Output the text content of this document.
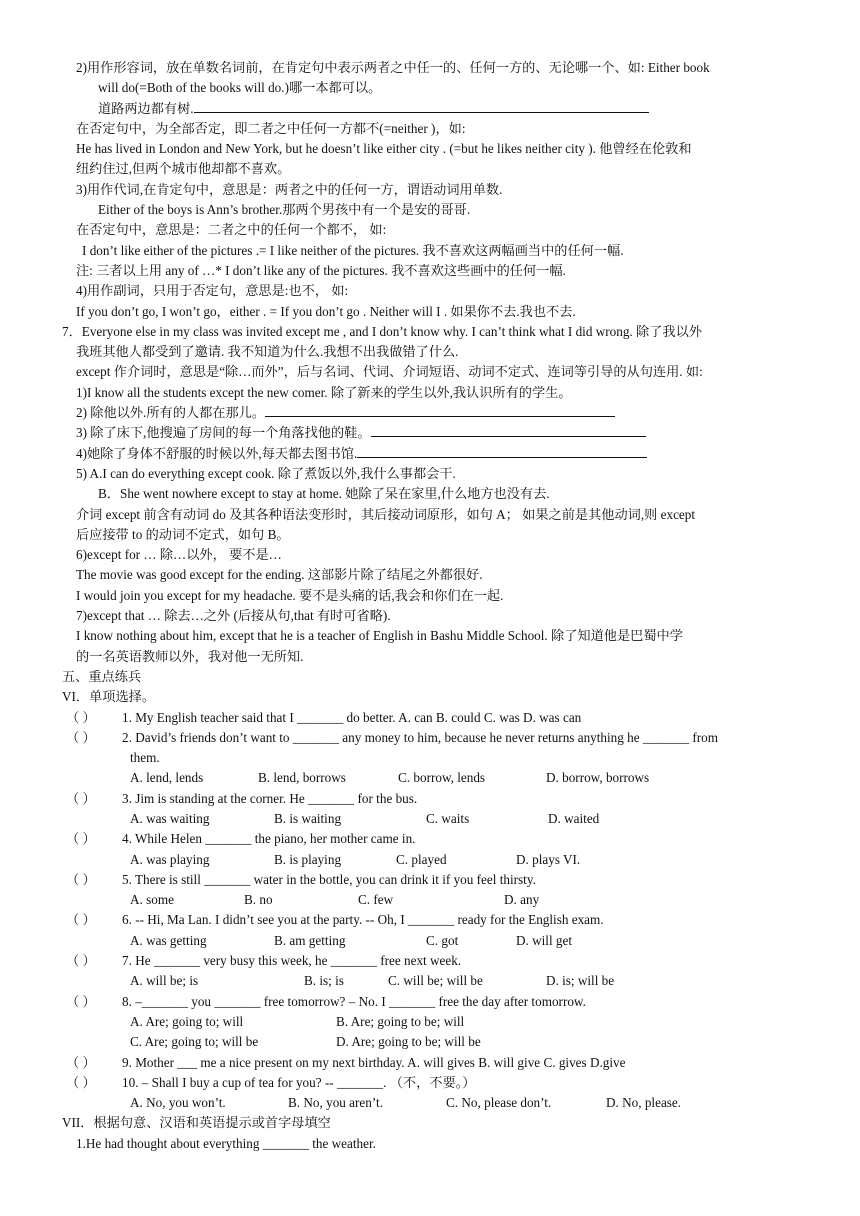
2)用作形容词，放在单数名词前，在肯定句中表示两者之中任一的、任何一方的、无论哪一个、如: Either book
will do(=Both of the books will do.)哪一本都可以。
道路两边都有树.
在否定句中，为全部否定，即二者之中任何一方都不(=neither )，如:
He has lived in London and New York, but he doesn’t like either city . (=but he likes neither city ). 他曾经在伦敦和
纽约住过,但两个城市他却都不喜欢。
3)用作代词,在肯定句中，意思是：两者之中的任何一方，谓语动词用单数.
Either of the boys is Ann’s brother.那两个男孩中有一个是安的哥哥.
在否定句中，意思是：二者之中的任何一个都不， 如:
I don’t like either of the pictures .= I like neither of the pictures. 我不喜欢这两幅画当中的任何一幅.
注: 三者以上用 any of …* I don’t like any of the pictures. 我不喜欢这些画中的任何一幅.
4)用作副词，只用于否定句，意思是:也不， 如:
If you don’t go, I won’t go，either . = If you don’t go . Neither will I . 如果你不去.我也不去.
7．Everyone else in my class was invited except me , and I don’t know why. I can’t think what I did wrong. 除了我以外
我班其他人都受到了邀请. 我不知道为什么.我想不出我做错了什么.
except 作介词时，意思是“除…而外”，后与名词、代词、介词短语、动词不定式、连词等引导的从句连用. 如:
1)I know all the students except the new comer. 除了新来的学生以外,我认识所有的学生。
2) 除他以外.所有的人都在那儿。
3) 除了床下,他搜遍了房间的每一个角落找他的鞋。
4)她除了身体不舒服的时候以外,每天都去图书馆.
5) A.I can do everything except cook. 除了煮饭以外,我什么事都会干.
B．She went nowhere except to stay at home. 她除了呆在家里,什么地方也没有去.
介词 except 前含有动词 do 及其各种语法变形时，其后接动词原形，如句 A； 如果之前是其他动词,则 except
后应接带 to 的动词不定式，如句 B。
6)except for … 除…以外， 要不是…
The movie was good except for the ending. 这部影片除了结尾之外都很好.
I would join you except for my headache. 要不是头痛的话,我会和你们在一起.
7)except that … 除去…之外 (后接从句,that 有时可省略).
I know nothing about him, except that he is a teacher of English in Bashu Middle School. 除了知道他是巴蜀中学
的一名英语教师以外，我对他一无所知.
五、重点练兵
VI．单项选择。
（ ） 1. My English teacher said that I _______ do better. A. can B. could C. was D. was can
（ ） 2. David’s friends don’t want to _______ any money to him, because he never returns anything he _______ from
them.
A. lend, lends	B. lend, borrows	C. borrow, lends	D. borrow, borrows
（ ） 3. Jim is standing at the corner. He _______ for the bus.
A. was waiting	B. is waiting	C. waits	D. waited
（ ） 4. While Helen _______ the piano, her mother came in.
A. was playing	B. is playing	C. played	D. plays VI.
（ ） 5. There is still _______ water in the bottle, you can drink it if you feel thirsty.
A. some	B. no	C. few	D. any
（ ） 6. -- Hi, Ma Lan. I didn’t see you at the party. -- Oh, I _______ ready for the English exam.
A. was getting	B. am getting	C. got	D. will get
（ ） 7. He _______ very busy this week, he _______ free next week.
A. will be; is	B. is; is	C. will be; will be	D. is; will be
（ ） 8. –_______ you _______ free tomorrow? – No. I _______ free the day after tomorrow.
A. Are; going to; will	B. Are; going to be; will
C. Are; going to; will be	D. Are; going to be; will be
（ ） 9. Mother ___ me a nice present on my next birthday. A. will gives B. will give C. gives D.give
（ ） 10. – Shall I buy a cup of tea for you? -- _______. （不，不要。）
A. No, you won’t.	B. No, you aren’t.	C. No, please don’t.	D. No, please.
VII．根据句意、汉语和英语提示或首字母填空
1.He had thought about everything _______ the weather.
